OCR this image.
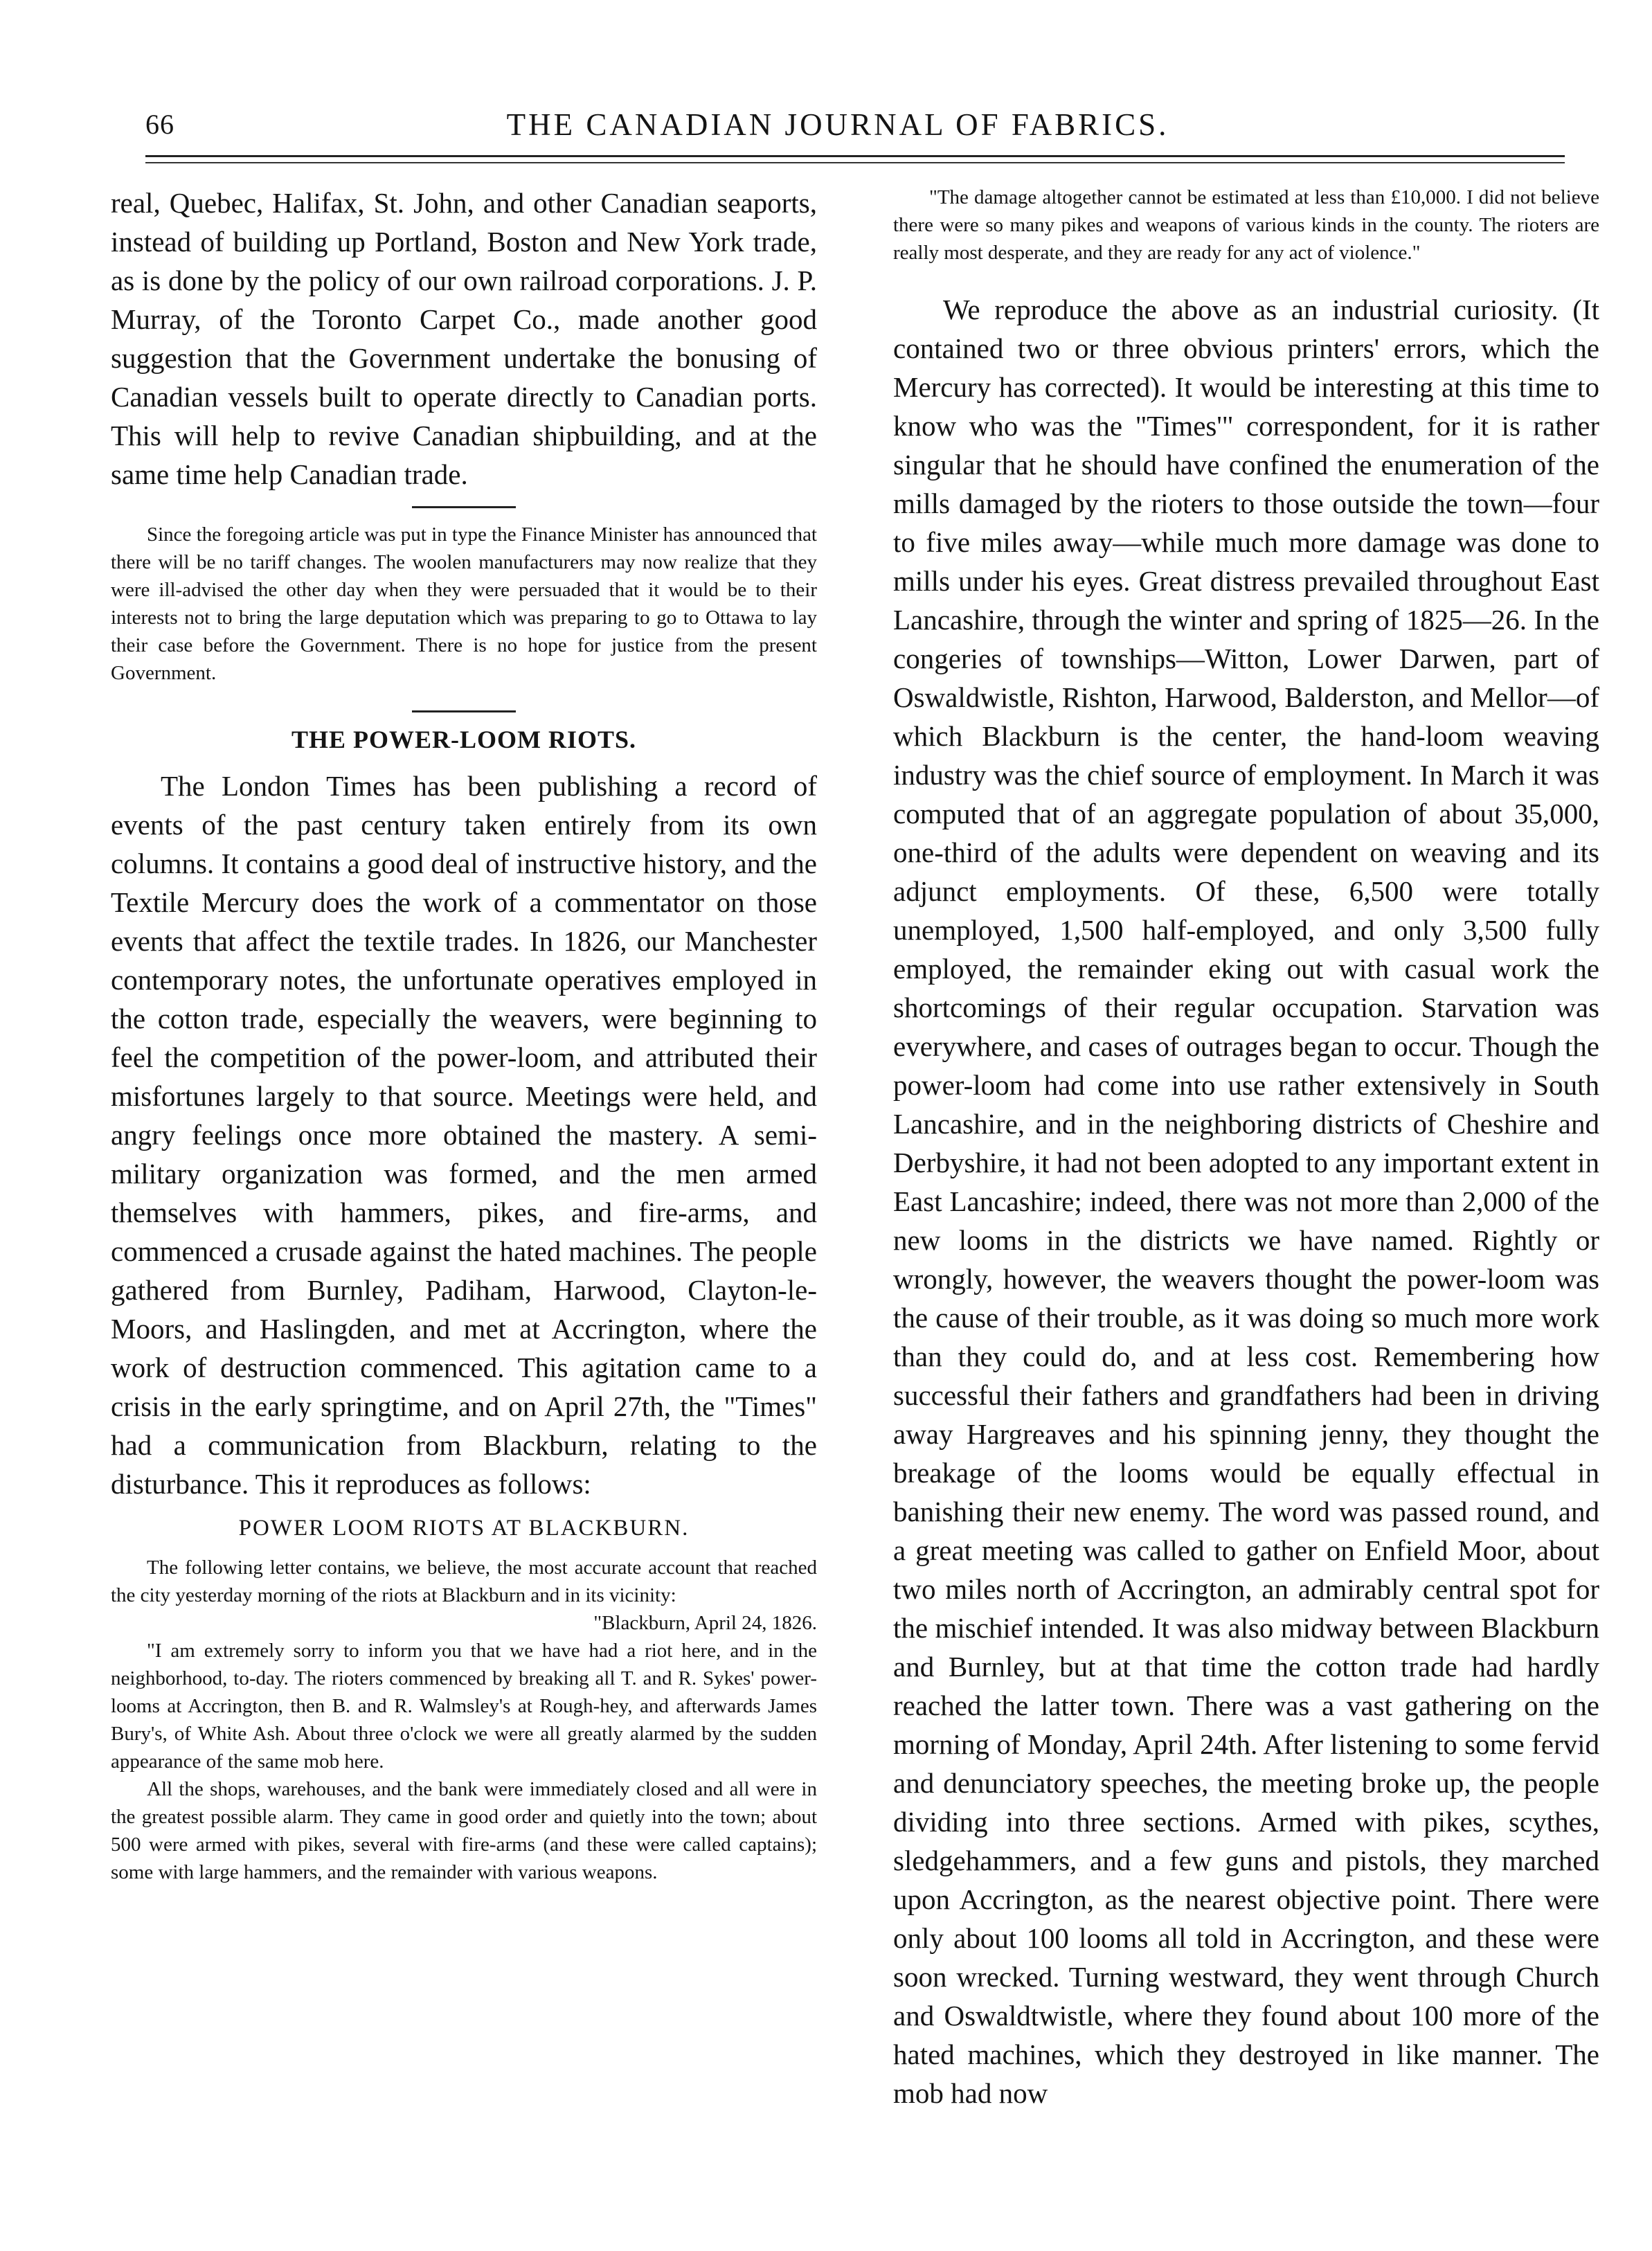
66	THE CANADIAN JOURNAL OF FABRICS.

real, Quebec, Halifax, St. John, and other Canadian seaports, instead of building up Portland, Boston and New York trade, as is done by the policy of our own railroad corporations. J. P. Murray, of the Toronto Carpet Co., made another good suggestion that the Government undertake the bonusing of Canadian vessels built to operate directly to Canadian ports. This will help to revive Canadian shipbuilding, and at the same time help Canadian trade.

Since the foregoing article was put in type the Finance Minister has announced that there will be no tariff changes. The woolen manufacturers may now realize that they were ill-advised the other day when they were persuaded that it would be to their interests not to bring the large deputation which was preparing to go to Ottawa to lay their case before the Government. There is no hope for justice from the present Government.

THE POWER-LOOM RIOTS.

The London Times has been publishing a record of events of the past century taken entirely from its own columns. It contains a good deal of instructive history, and the Textile Mercury does the work of a commentator on those events that affect the textile trades. In 1826, our Manchester contemporary notes, the unfortunate operatives employed in the cotton trade, especially the weavers, were beginning to feel the competition of the power-loom, and attributed their misfortunes largely to that source. Meetings were held, and angry feelings once more obtained the mastery. A semi-military organization was formed, and the men armed themselves with hammers, pikes, and fire-arms, and commenced a crusade against the hated machines. The people gathered from Burnley, Padiham, Harwood, Clayton-le-Moors, and Haslingden, and met at Accrington, where the work of destruction commenced. This agitation came to a crisis in the early springtime, and on April 27th, the "Times" had a communication from Blackburn, relating to the disturbance. This it reproduces as follows:

POWER LOOM RIOTS AT BLACKBURN.

The following letter contains, we believe, the most accurate account that reached the city yesterday morning of the riots at Blackburn and in its vicinity:

"Blackburn, April 24, 1826.

"I am extremely sorry to inform you that we have had a riot here, and in the neighborhood, to-day. The rioters commenced by breaking all T. and R. Sykes' power-looms at Accrington, then B. and R. Walmsley's at Rough-hey, and afterwards James Bury's, of White Ash. About three o'clock we were all greatly alarmed by the sudden appearance of the same mob here.

All the shops, warehouses, and the bank were immediately closed and all were in the greatest possible alarm. They came in good order and quietly into the town; about 500 were armed with pikes, several with fire-arms (and these were called captains); some with large hammers, and the remainder with various weapons.

"The damage altogether cannot be estimated at less than £10,000. I did not believe there were so many pikes and weapons of various kinds in the county. The rioters are really most desperate, and they are ready for any act of violence."

We reproduce the above as an industrial curiosity. (It contained two or three obvious printers' errors, which the Mercury has corrected). It would be interesting at this time to know who was the "Times'" correspondent, for it is rather singular that he should have confined the enumeration of the mills damaged by the rioters to those outside the town—four to five miles away—while much more damage was done to mills under his eyes. Great distress prevailed throughout East Lancashire, through the winter and spring of 1825—26. In the congeries of townships—Witton, Lower Darwen, part of Oswaldwistle, Rishton, Harwood, Balderston, and Mellor—of which Blackburn is the center, the hand-loom weaving industry was the chief source of employment. In March it was computed that of an aggregate population of about 35,000, one-third of the adults were dependent on weaving and its adjunct employments. Of these, 6,500 were totally unemployed, 1,500 half-employed, and only 3,500 fully employed, the remainder eking out with casual work the shortcomings of their regular occupation. Starvation was everywhere, and cases of outrages began to occur. Though the power-loom had come into use rather extensively in South Lancashire, and in the neighboring districts of Cheshire and Derbyshire, it had not been adopted to any important extent in East Lancashire; indeed, there was not more than 2,000 of the new looms in the districts we have named. Rightly or wrongly, however, the weavers thought the power-loom was the cause of their trouble, as it was doing so much more work than they could do, and at less cost. Remembering how successful their fathers and grandfathers had been in driving away Hargreaves and his spinning jenny, they thought the breakage of the looms would be equally effectual in banishing their new enemy. The word was passed round, and a great meeting was called to gather on Enfield Moor, about two miles north of Accrington, an admirably central spot for the mischief intended. It was also midway between Blackburn and Burnley, but at that time the cotton trade had hardly reached the latter town. There was a vast gathering on the morning of Monday, April 24th. After listening to some fervid and denunciatory speeches, the meeting broke up, the people dividing into three sections. Armed with pikes, scythes, sledgehammers, and a few guns and pistols, they marched upon Accrington, as the nearest objective point. There were only about 100 looms all told in Accrington, and these were soon wrecked. Turning westward, they went through Church and Oswaldtwistle, where they found about 100 more of the hated machines, which they destroyed in like manner. The mob had now
